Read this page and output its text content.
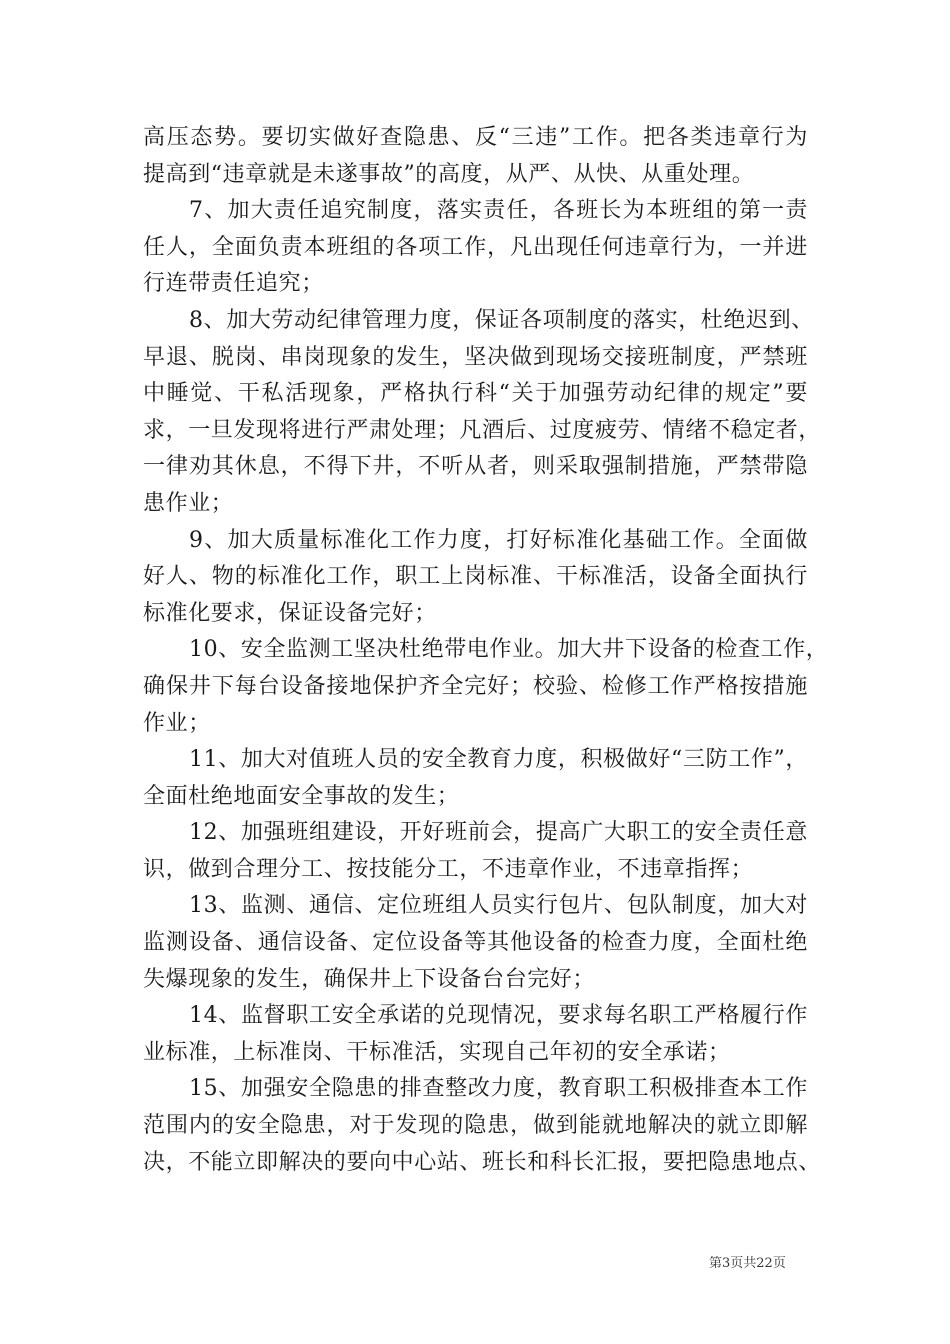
高压态势。要切实做好查隐患、反“三违”工作。把各类违章行为
提高到“违章就是未遂事故”的高度，从严、从快、从重处理。
7、加大责任追究制度，落实责任，各班长为本班组的第一责
任人，全面负责本班组的各项工作，凡出现任何违章行为，一并进
行连带责任追究；
8、加大劳动纪律管理力度，保证各项制度的落实，杜绝迟到、
早退、脱岗、串岗现象的发生，坚决做到现场交接班制度，严禁班
中睡觉、干私活现象，严格执行科“关于加强劳动纪律的规定”要
求，一旦发现将进行严肃处理；凡酒后、过度疲劳、情绪不稳定者，
一律劝其休息，不得下井，不听从者，则采取强制措施，严禁带隐
患作业；
9、加大质量标准化工作力度，打好标准化基础工作。全面做
好人、物的标准化工作，职工上岗标准、干标准活，设备全面执行
标准化要求，保证设备完好；
10、安全监测工坚决杜绝带电作业。加大井下设备的检查工作，
确保井下每台设备接地保护齐全完好；校验、检修工作严格按措施
作业；
11、加大对值班人员的安全教育力度，积极做好“三防工作”，
全面杜绝地面安全事故的发生；
12、加强班组建设，开好班前会，提高广大职工的安全责任意
识，做到合理分工、按技能分工，不违章作业，不违章指挥；
13、监测、通信、定位班组人员实行包片、包队制度，加大对
监测设备、通信设备、定位设备等其他设备的检查力度，全面杜绝
失爆现象的发生，确保井上下设备台台完好；
14、监督职工安全承诺的兑现情况，要求每名职工严格履行作
业标准，上标准岗、干标准活，实现自己年初的安全承诺；
15、加强安全隐患的排查整改力度，教育职工积极排查本工作
范围内的安全隐患，对于发现的隐患，做到能就地解决的就立即解
决，不能立即解决的要向中心站、班长和科长汇报，要把隐患地点、
第3页共22页
